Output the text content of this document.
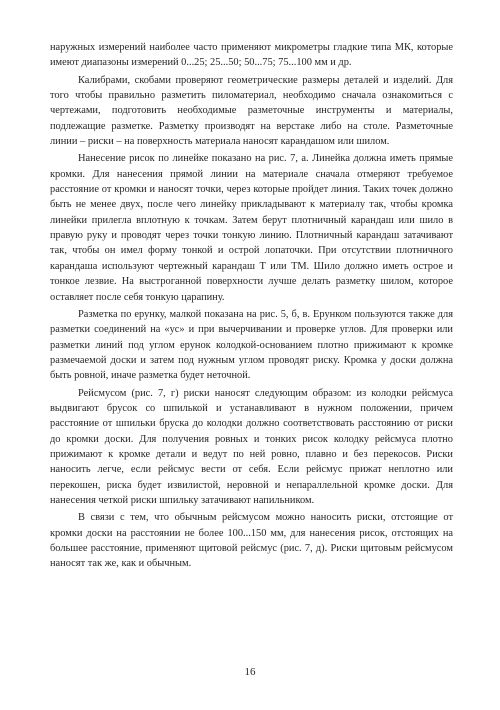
наружных измерений наиболее часто применяют микрометры гладкие типа МК, которые имеют диапазоны измерений 0...25; 25...50; 50...75; 75...100 мм и др.

Калибрами, скобами проверяют геометрические размеры деталей и изделий. Для того чтобы правильно разметить пиломатериал, необходимо сначала ознакомиться с чертежами, подготовить необходимые разметочные инструменты и материалы, подлежащие разметке. Разметку производят на верстаке либо на столе. Разметочные линии – риски – на поверхность материала наносят карандашом или шилом.

Нанесение рисок по линейке показано на рис. 7, а. Линейка должна иметь прямые кромки. Для нанесения прямой линии на материале сначала отмеряют требуемое расстояние от кромки и наносят точки, через которые пройдет линия. Таких точек должно быть не менее двух, после чего линейку прикладывают к материалу так, чтобы кромка линейки прилегла вплотную к точкам. Затем берут плотничный карандаш или шило в правую руку и проводят через точки тонкую линию. Плотничный карандаш затачивают так, чтобы он имел форму тонкой и острой лопаточки. При отсутствии плотничного карандаша используют чертежный карандаш Т или ТМ. Шило должно иметь острое и тонкое лезвие. На выстроганной поверхности лучше делать разметку шилом, которое оставляет после себя тонкую царапину.

Разметка по ерунку, малкой показана на рис. 5, б, в. Ерунком пользуются также для разметки соединений на «ус» и при вычерчивании и проверке углов. Для проверки или разметки линий под углом ерунок колодкой-основанием плотно прижимают к кромке размечаемой доски и затем под нужным углом проводят риску. Кромка у доски должна быть ровной, иначе разметка будет неточной.

Рейсмусом (рис. 7, г) риски наносят следующим образом: из колодки рейсмуса выдвигают брусок со шпилькой и устанавливают в нужном положении, причем расстояние от шпильки бруска до колодки должно соответствовать расстоянию от риски до кромки доски. Для получения ровных и тонких рисок колодку рейсмуса плотно прижимают к кромке детали и ведут по ней ровно, плавно и без перекосов. Риски наносить легче, если рейсмус вести от себя. Если рейсмус прижат неплотно или перекошен, риска будет извилистой, неровной и непараллельной кромке доски. Для нанесения четкой риски шпильку затачивают напильником.

В связи с тем, что обычным рейсмусом можно наносить риски, отстоящие от кромки доски на расстоянии не более 100...150 мм, для нанесения рисок, отстоящих на большее расстояние, применяют щитовой рейсмус (рис. 7, д). Риски щитовым рейсмусом наносят так же, как и обычным.

16
